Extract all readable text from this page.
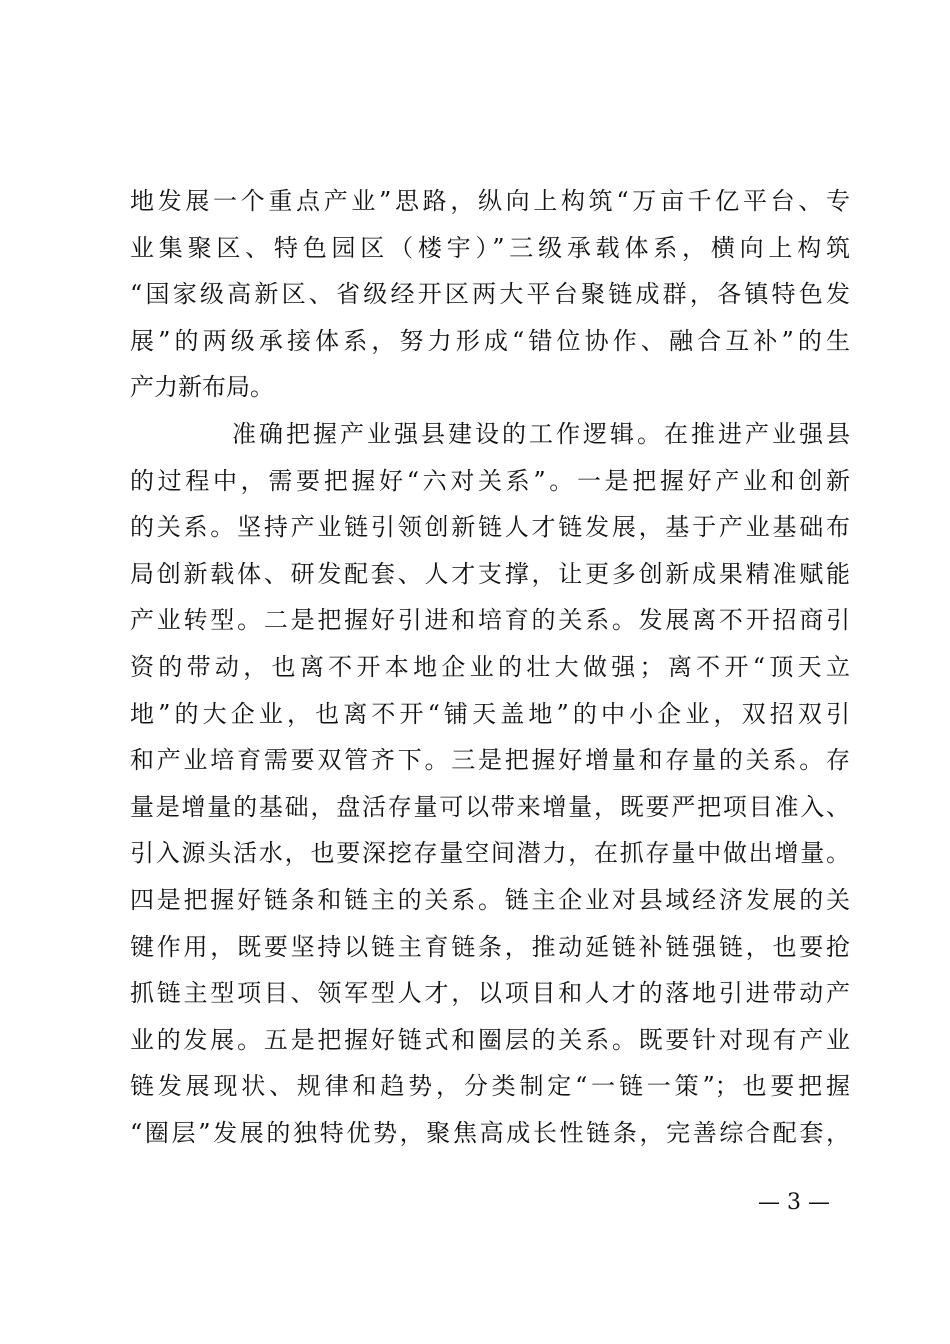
地发展一个重点产业”思路，纵向上构筑“万亩千亿平台、专
业集聚区、特色园区（楼宇）”三级承载体系，横向上构筑
“国家级高新区、省级经开区两大平台聚链成群，各镇特色发
展”的两级承接体系，努力形成“错位协作、融合互补”的生
产力新布局。
准确把握产业强县建设的工作逻辑。在推进产业强县
的过程中，需要把握好“六对关系”。一是把握好产业和创新
的关系。坚持产业链引领创新链人才链发展，基于产业基础布
局创新载体、研发配套、人才支撑，让更多创新成果精准赋能
产业转型。二是把握好引进和培育的关系。发展离不开招商引
资的带动，也离不开本地企业的壮大做强；离不开“顶天立
地”的大企业，也离不开“铺天盖地”的中小企业，双招双引
和产业培育需要双管齐下。三是把握好增量和存量的关系。存
量是增量的基础，盘活存量可以带来增量，既要严把项目准入、
引入源头活水，也要深挖存量空间潜力，在抓存量中做出增量。
四是把握好链条和链主的关系。链主企业对县域经济发展的关
键作用，既要坚持以链主育链条，推动延链补链强链，也要抢
抓链主型项目、领军型人才，以项目和人才的落地引进带动产
业的发展。五是把握好链式和圈层的关系。既要针对现有产业
链发展现状、规律和趋势，分类制定“一链一策”；也要把握
“圈层”发展的独特优势，聚焦高成长性链条，完善综合配套，
— 3 —
